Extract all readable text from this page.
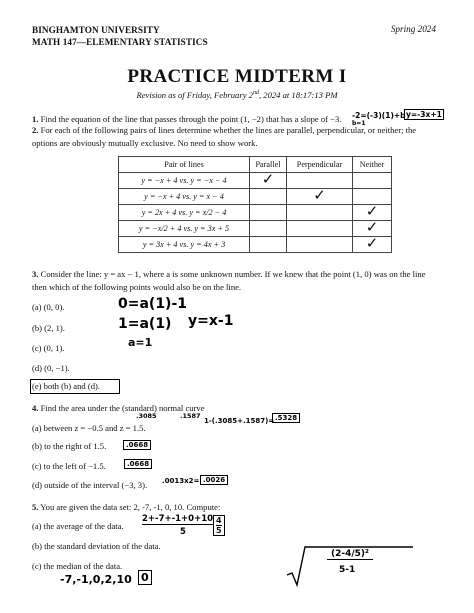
BINGHAMTON UNIVERSITY
MATH 147—ELEMENTARY STATISTICS
Spring 2024
PRACTICE MIDTERM I
Revision as of Friday, February 2nd, 2024 at 18:17:13 PM
1. Find the equation of the line that passes through the point (1, −2) that has a slope of −3.	-2=(-3)(1)+b
b=1
y=-3x+1
2. For each of the following pairs of lines determine whether the lines are parallel, perpendicular, or neither; the options are obviously mutually exclusive. No need to show work.
Pair of lines	Parallel	Perpendicular	Neither
y = −x + 4 vs. y = −x − 4	✓		

y = −x + 4 vs. y = x − 4		✓	

y = 2x + 4 vs. y = x/2 − 4			✓

y = −x/2 + 4 vs. y = 3x + 5			✓

y = 3x + 4 vs. y = 4x + 3			✓
3. Consider the line: y = ax − 1, where a is some unknown number. If we knew that the point (1, 0) was on the line then which of the following points would also be on the line.
(a) (0, 0).
(b) (2, 1).
(c) (0, 1).
(d) (0, −1).
(e) both (b) and (d).
0=a(1)-1
1=a(1) y=x-1
a=1
4. Find the area under the (standard) normal curve
(a) between z = −0.5 and z = 1.5.
(b) to the right of 1.5.
(c) to the left of −1.5.
(d) outside of the interval (−3, 3).
.3085	.1587
1-(.3085+.1587)= .5328
.0668
.0668
.0013x2= .0026
5. You are given the data set: 2, -7, -1, 0, 10. Compute:
(a) the average of the data.
(b) the standard deviation of the data.
(c) the median of the data.
2+-7+-1+0+10
5	$\frac{4}{5}$
$\frac{\text{(2-4/5)²}}{5-1}$
-7,-1,0,2,10 0
